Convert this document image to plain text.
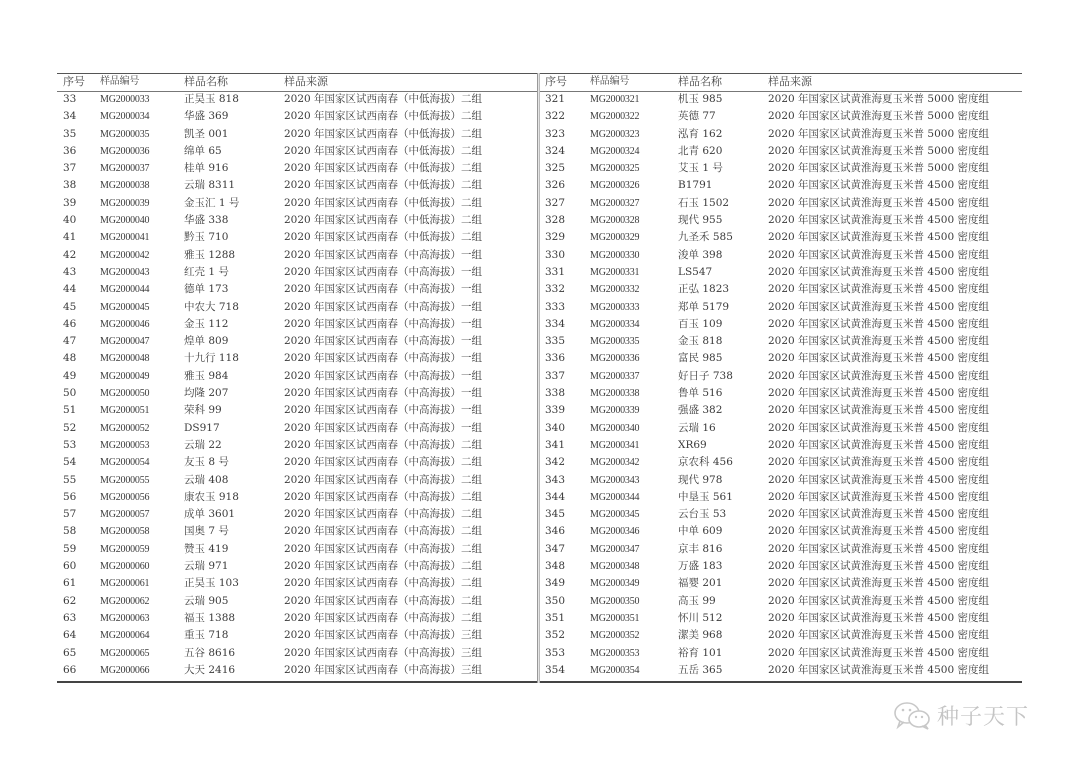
序号	样品编号	样品名称	样品来源
33	MG2000033	正昊玉 818	2020 年国家区试西南春（中低海拔）二组
34	MG2000034	华盛 369	2020 年国家区试西南春（中低海拔）二组
35	MG2000035	凯圣 001	2020 年国家区试西南春（中低海拔）二组
36	MG2000036	绵单 65	2020 年国家区试西南春（中低海拔）二组
37	MG2000037	桂单 916	2020 年国家区试西南春（中低海拔）二组
38	MG2000038	云瑞 8311	2020 年国家区试西南春（中低海拔）二组
39	MG2000039	金玉汇 1 号	2020 年国家区试西南春（中低海拔）二组
40	MG2000040	华盛 338	2020 年国家区试西南春（中低海拔）二组
41	MG2000041	黔玉 710	2020 年国家区试西南春（中低海拔）二组
42	MG2000042	雅玉 1288	2020 年国家区试西南春（中高海拔）一组
43	MG2000043	红壳 1 号	2020 年国家区试西南春（中高海拔）一组
44	MG2000044	德单 173	2020 年国家区试西南春（中高海拔）一组
45	MG2000045	中农大 718	2020 年国家区试西南春（中高海拔）一组
46	MG2000046	金玉 112	2020 年国家区试西南春（中高海拔）一组
47	MG2000047	煌单 809	2020 年国家区试西南春（中高海拔）一组
48	MG2000048	十九行 118	2020 年国家区试西南春（中高海拔）一组
49	MG2000049	雅玉 984	2020 年国家区试西南春（中高海拔）一组
50	MG2000050	均隆 207	2020 年国家区试西南春（中高海拔）一组
51	MG2000051	荣科 99	2020 年国家区试西南春（中高海拔）一组
52	MG2000052	DS917	2020 年国家区试西南春（中高海拔）一组
53	MG2000053	云瑞 22	2020 年国家区试西南春（中高海拔）二组
54	MG2000054	友玉 8 号	2020 年国家区试西南春（中高海拔）二组
55	MG2000055	云瑞 408	2020 年国家区试西南春（中高海拔）二组
56	MG2000056	康农玉 918	2020 年国家区试西南春（中高海拔）二组
57	MG2000057	成单 3601	2020 年国家区试西南春（中高海拔）二组
58	MG2000058	国奥 7 号	2020 年国家区试西南春（中高海拔）二组
59	MG2000059	赞玉 419	2020 年国家区试西南春（中高海拔）二组
60	MG2000060	云瑞 971	2020 年国家区试西南春（中高海拔）二组
61	MG2000061	正昊玉 103	2020 年国家区试西南春（中高海拔）二组
62	MG2000062	云瑞 905	2020 年国家区试西南春（中高海拔）二组
63	MG2000063	福玉 1388	2020 年国家区试西南春（中高海拔）二组
64	MG2000064	重玉 718	2020 年国家区试西南春（中高海拔）三组
65	MG2000065	五谷 8616	2020 年国家区试西南春（中高海拔）三组
66	MG2000066	大天 2416	2020 年国家区试西南春（中高海拔）三组
序号	样品编号	样品名称	样品来源
321	MG2000321	机玉 985	2020 年国家区试黄淮海夏玉米普 5000 密度组
322	MG2000322	英德 77	2020 年国家区试黄淮海夏玉米普 5000 密度组
323	MG2000323	泓育 162	2020 年国家区试黄淮海夏玉米普 5000 密度组
324	MG2000324	北青 620	2020 年国家区试黄淮海夏玉米普 5000 密度组
325	MG2000325	艾玉 1 号	2020 年国家区试黄淮海夏玉米普 5000 密度组
326	MG2000326	B1791	2020 年国家区试黄淮海夏玉米普 4500 密度组
327	MG2000327	石玉 1502	2020 年国家区试黄淮海夏玉米普 4500 密度组
328	MG2000328	现代 955	2020 年国家区试黄淮海夏玉米普 4500 密度组
329	MG2000329	九圣禾 585	2020 年国家区试黄淮海夏玉米普 4500 密度组
330	MG2000330	浚单 398	2020 年国家区试黄淮海夏玉米普 4500 密度组
331	MG2000331	LS547	2020 年国家区试黄淮海夏玉米普 4500 密度组
332	MG2000332	正弘 1823	2020 年国家区试黄淮海夏玉米普 4500 密度组
333	MG2000333	郑单 5179	2020 年国家区试黄淮海夏玉米普 4500 密度组
334	MG2000334	百玉 109	2020 年国家区试黄淮海夏玉米普 4500 密度组
335	MG2000335	金玉 818	2020 年国家区试黄淮海夏玉米普 4500 密度组
336	MG2000336	富民 985	2020 年国家区试黄淮海夏玉米普 4500 密度组
337	MG2000337	好日子 738	2020 年国家区试黄淮海夏玉米普 4500 密度组
338	MG2000338	鲁单 516	2020 年国家区试黄淮海夏玉米普 4500 密度组
339	MG2000339	强盛 382	2020 年国家区试黄淮海夏玉米普 4500 密度组
340	MG2000340	云瑞 16	2020 年国家区试黄淮海夏玉米普 4500 密度组
341	MG2000341	XR69	2020 年国家区试黄淮海夏玉米普 4500 密度组
342	MG2000342	京农科 456	2020 年国家区试黄淮海夏玉米普 4500 密度组
343	MG2000343	现代 978	2020 年国家区试黄淮海夏玉米普 4500 密度组
344	MG2000344	中垦玉 561	2020 年国家区试黄淮海夏玉米普 4500 密度组
345	MG2000345	云台玉 53	2020 年国家区试黄淮海夏玉米普 4500 密度组
346	MG2000346	中单 609	2020 年国家区试黄淮海夏玉米普 4500 密度组
347	MG2000347	京丰 816	2020 年国家区试黄淮海夏玉米普 4500 密度组
348	MG2000348	万盛 183	2020 年国家区试黄淮海夏玉米普 4500 密度组
349	MG2000349	福婴 201	2020 年国家区试黄淮海夏玉米普 4500 密度组
350	MG2000350	高玉 99	2020 年国家区试黄淮海夏玉米普 4500 密度组
351	MG2000351	怀川 512	2020 年国家区试黄淮海夏玉米普 4500 密度组
352	MG2000352	潔美 968	2020 年国家区试黄淮海夏玉米普 4500 密度组
353	MG2000353	裕育 101	2020 年国家区试黄淮海夏玉米普 4500 密度组
354	MG2000354	五岳 365	2020 年国家区试黄淮海夏玉米普 4500 密度组
种子天下
